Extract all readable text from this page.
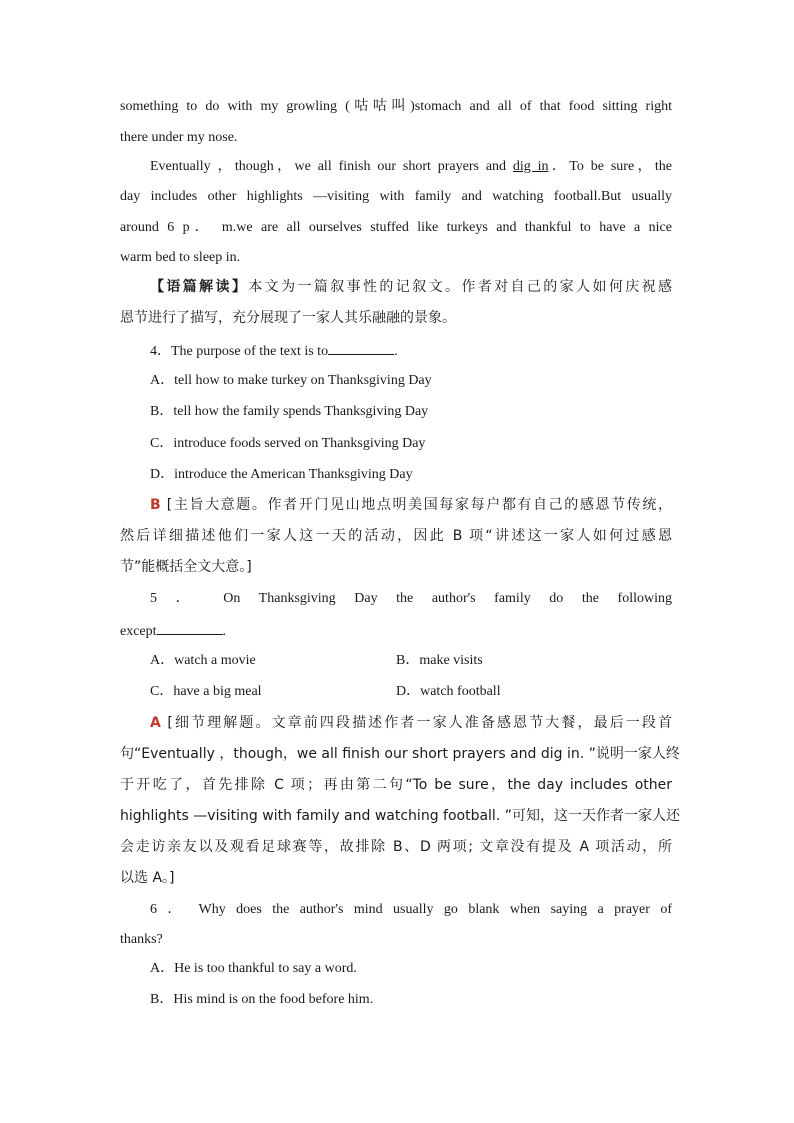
something to do with my growling (咕咕叫)stomach and all of that food sitting right
there under my nose.
Eventually ，though，we all finish our short prayers and dig in．To be sure，the
day includes other highlights —visiting with family and watching football.But usually
around 6 p． m.we are all ourselves stuffed like turkeys and thankful to have a nice
warm bed to sleep in.
【语篇解读】本文为一篇叙事性的记叙文。作者对自己的家人如何庆祝感
恩节进行了描写，充分展现了一家人其乐融融的景象。
4．The purpose of the text is to	.
A．tell how to make turkey on Thanksgiving Day
B．tell how the family spends Thanksgiving Day
C．introduce foods served on Thanksgiving Day
D．introduce the American Thanksgiving Day
B [主旨大意题。作者开门见山地点明美国每家每户都有自己的感恩节传统，
然后详细描述他们一家人这一天的活动，因此 B 项“讲述这一家人如何过感恩
节”能概括全文大意。]
5 ． On Thanksgiving Day the author's family do the following
except	.
A．watch a movie	B．make visits
C．have a big meal	D．watch football
A [细节理解题。文章前四段描述作者一家人准备感恩节大餐，最后一段首
句“Eventually ，though，we all finish our short prayers and dig in. ”说明一家人终
于开吃了，首先排除 C 项；再由第二句“To be sure，the day includes other
highlights —visiting with family and watching football. ”可知，这一天作者一家人还
会走访亲友以及观看足球赛等，故排除 B、D 两项; 文章没有提及 A 项活动，所
以选 A。]
6 ． Why does the author's mind usually go blank when saying a prayer of
thanks?
A．He is too thankful to say a word.
B．His mind is on the food before him.
